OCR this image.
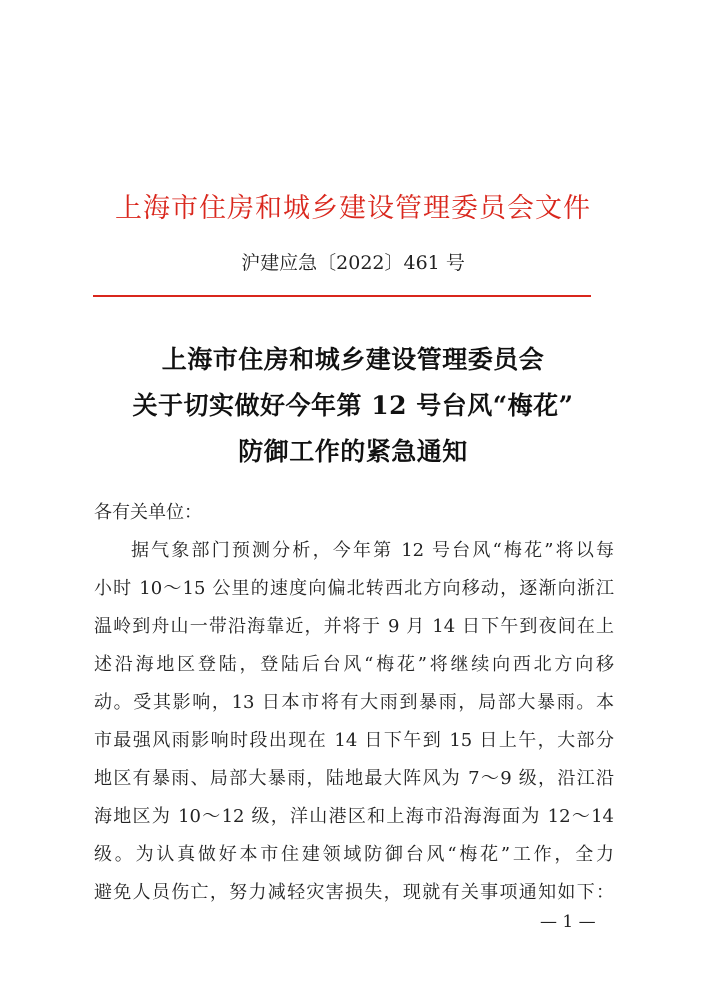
上海市住房和城乡建设管理委员会文件
沪建应急〔2022〕461 号
上海市住房和城乡建设管理委员会
关于切实做好今年第 12 号台风“梅花”
防御工作的紧急通知
各有关单位：
据气象部门预测分析，今年第 12 号台风“梅花”将以每
小时 10～15 公里的速度向偏北转西北方向移动，逐渐向浙江
温岭到舟山一带沿海靠近，并将于 9 月 14 日下午到夜间在上
述沿海地区登陆，登陆后台风“梅花”将继续向西北方向移
动。受其影响，13 日本市将有大雨到暴雨，局部大暴雨。本
市最强风雨影响时段出现在 14 日下午到 15 日上午，大部分
地区有暴雨、局部大暴雨，陆地最大阵风为 7～9 级，沿江沿
海地区为 10～12 级，洋山港区和上海市沿海海面为 12～14
级。为认真做好本市住建领域防御台风“梅花”工作，全力
避免人员伤亡，努力减轻灾害损失，现就有关事项通知如下：
— 1 —
